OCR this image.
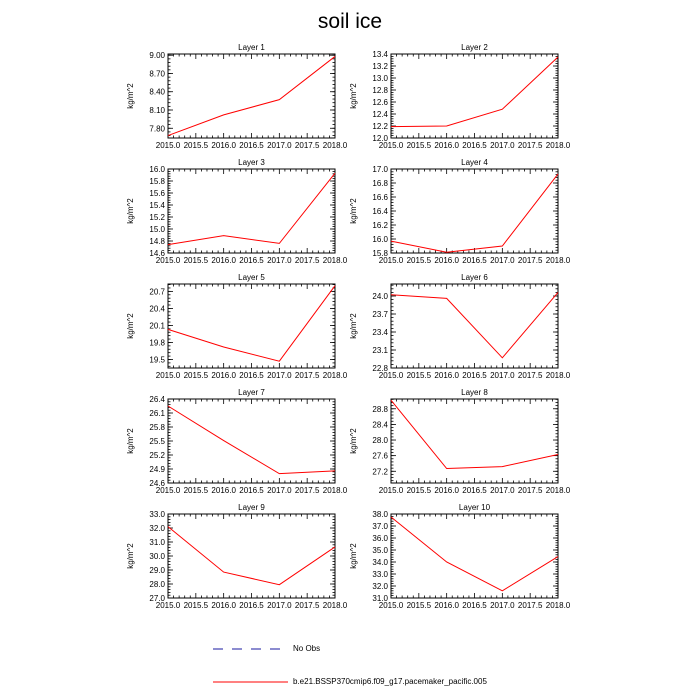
soil ice
Layer 1
kg/m^2
2015.0 2015.5 2016.0 2016.5 2017.0 2017.5 2018.0
7.80
8.10
8.40
8.70
9.00
Layer 2
kg/m^2
2015.0 2015.5 2016.0 2016.5 2017.0 2017.5 2018.0
12.0
12.2
12.4
12.6
12.8
13.0
13.2
13.4
Layer 3
kg/m^2
2015.0 2015.5 2016.0 2016.5 2017.0 2017.5 2018.0
14.6
14.8
15.0
15.2
15.4
15.6
15.8
16.0
Layer 4
kg/m^2
2015.0 2015.5 2016.0 2016.5 2017.0 2017.5 2018.0
15.8
16.0
16.2
16.4
16.6
16.8
17.0
Layer 5
kg/m^2
2015.0 2015.5 2016.0 2016.5 2017.0 2017.5 2018.0
19.5
19.8
20.1
20.4
20.7
Layer 6
kg/m^2
2015.0 2015.5 2016.0 2016.5 2017.0 2017.5 2018.0
22.8
23.1
23.4
23.7
24.0
Layer 7
kg/m^2
2015.0 2015.5 2016.0 2016.5 2017.0 2017.5 2018.0
24.6
24.9
25.2
25.5
25.8
26.1
26.4
Layer 8
kg/m^2
2015.0 2015.5 2016.0 2016.5 2017.0 2017.5 2018.0
27.2
27.6
28.0
28.4
28.8
Layer 9
kg/m^2
2015.0 2015.5 2016.0 2016.5 2017.0 2017.5 2018.0
27.0
28.0
29.0
30.0
31.0
32.0
33.0
Layer 10
kg/m^2
2015.0 2015.5 2016.0 2016.5 2017.0 2017.5 2018.0
31.0
32.0
33.0
34.0
35.0
36.0
37.0
38.0
No Obs
b.e21.BSSP370cmip6.f09_g17.pacemaker_pacific.005
